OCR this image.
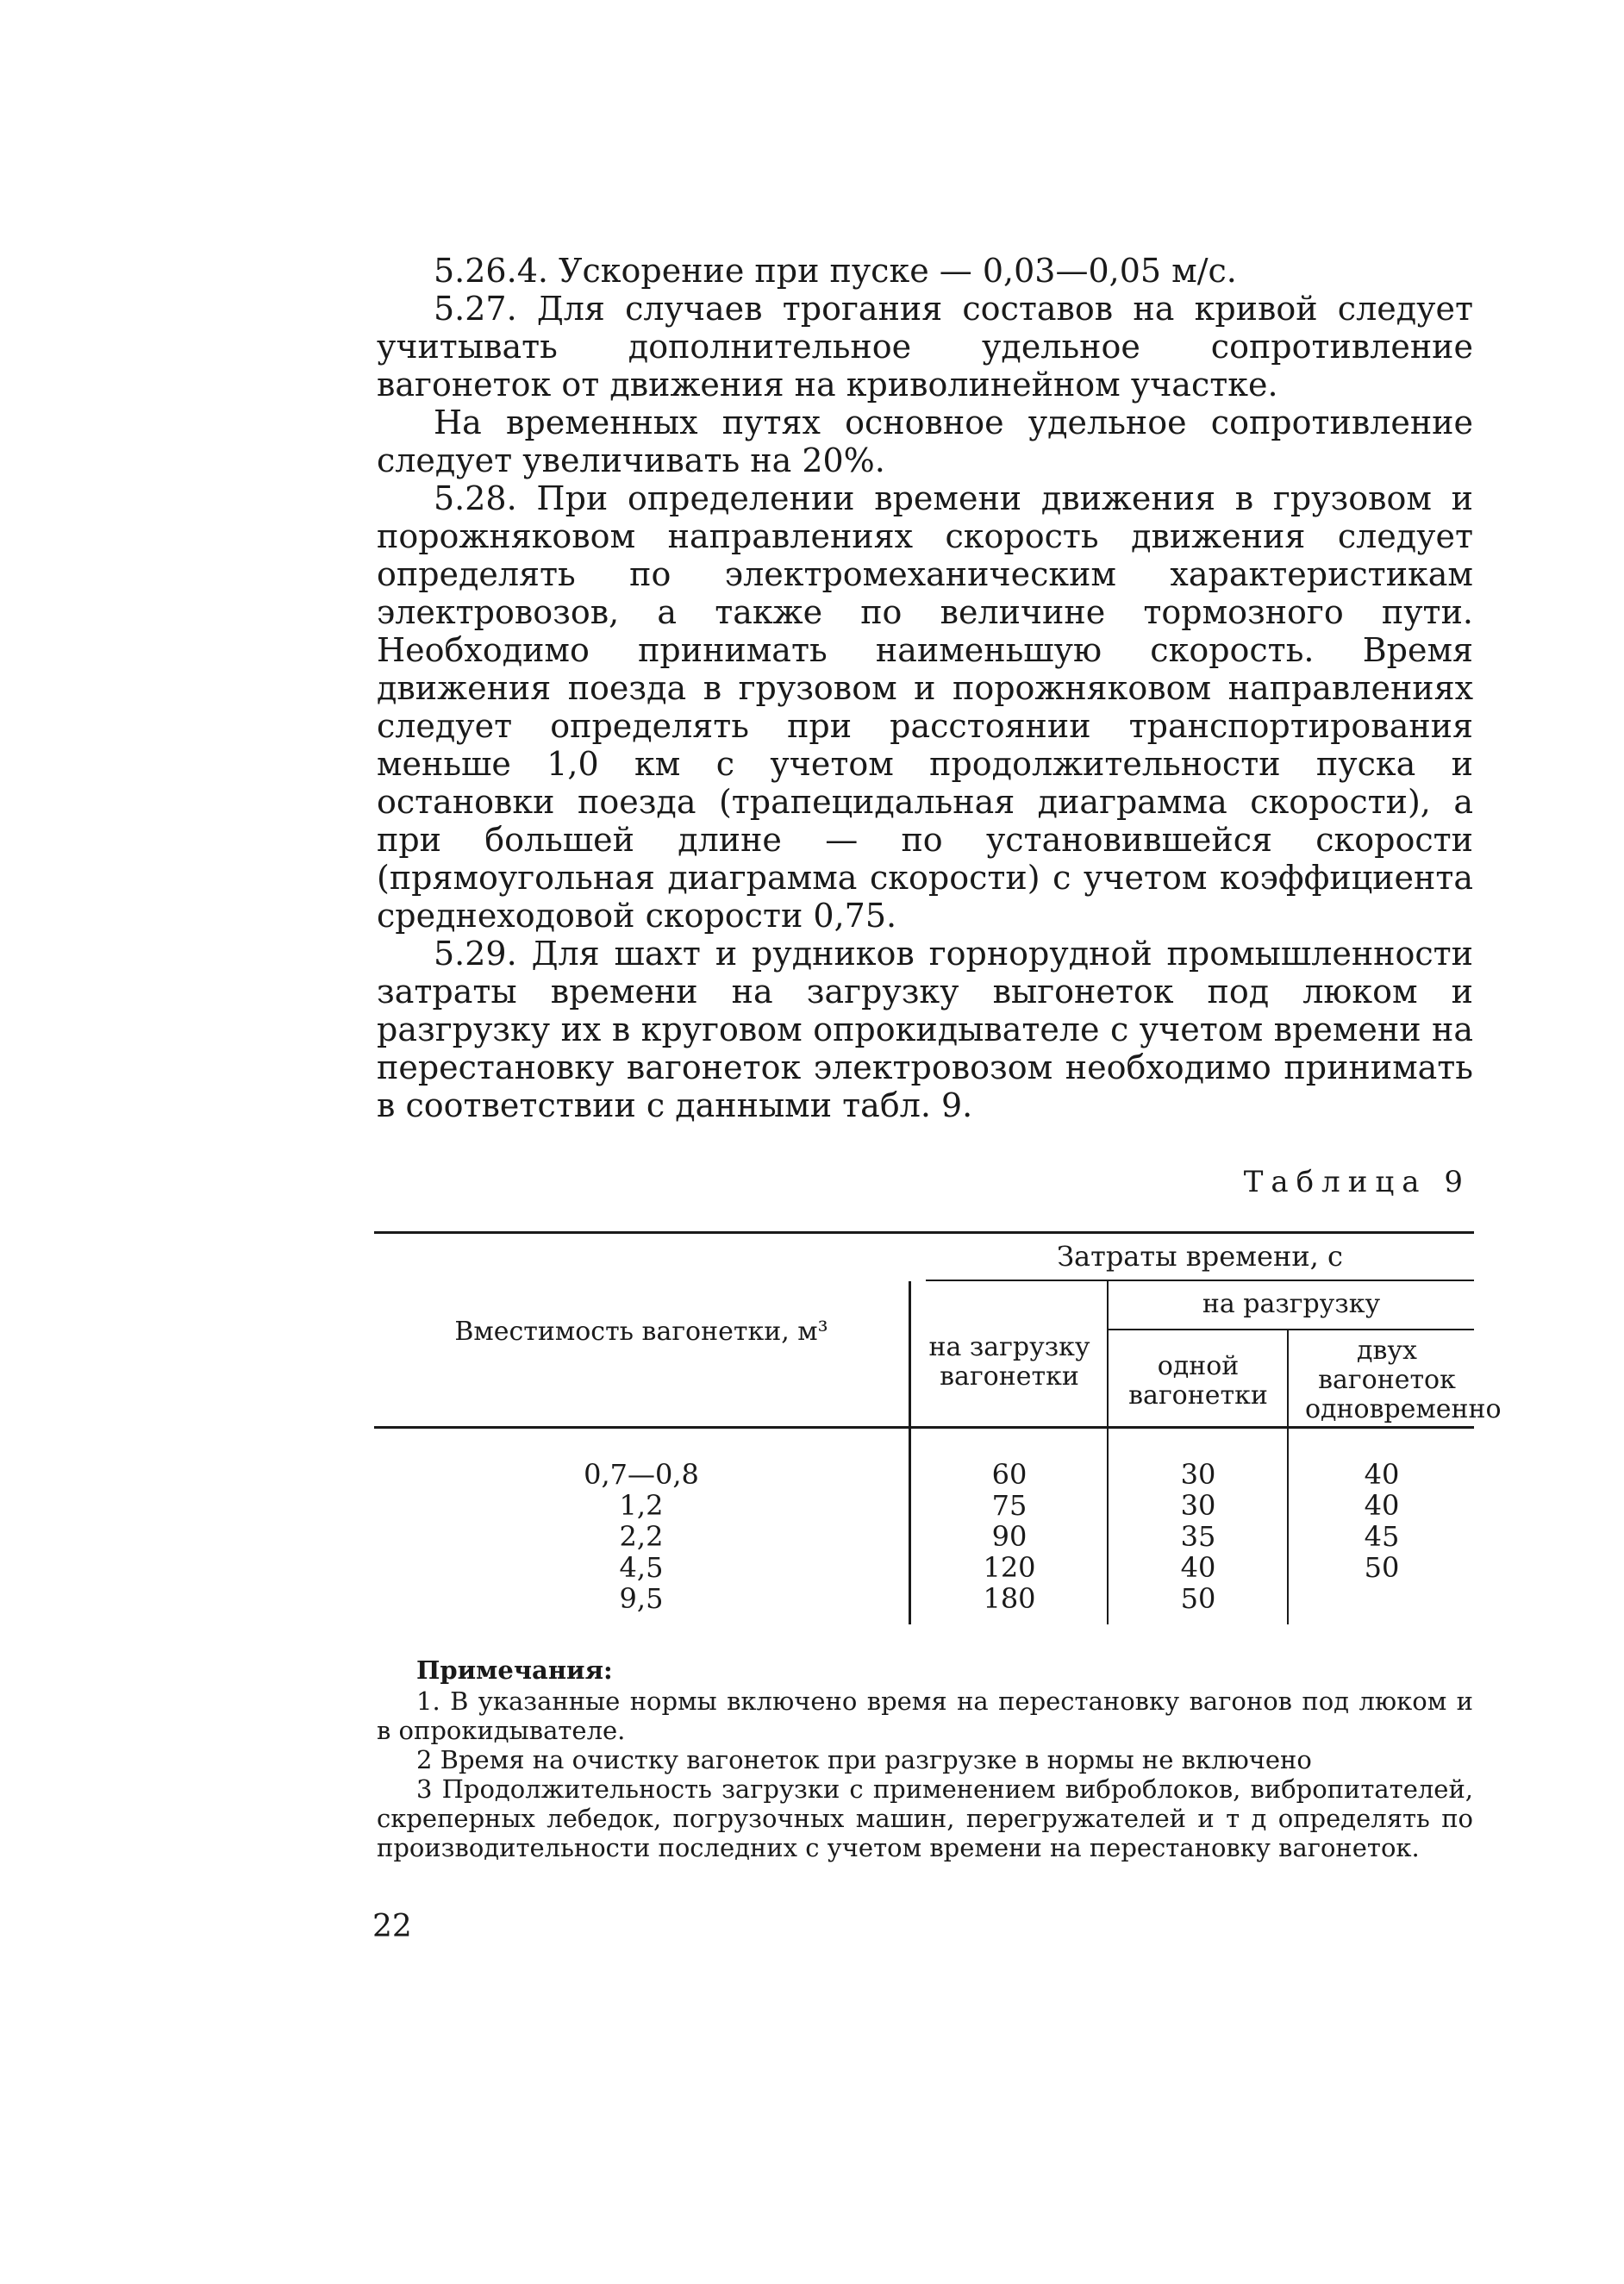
5.26.4. Ускорение при пуске — 0,03—0,05 м/с.

5.27. Для случаев трогания составов на кривой следует учитывать дополнительное удельное сопротивление вагонеток от движения на криволинейном участке.

На временных путях основное удельное сопротивление следует увеличивать на 20%.

5.28. При определении времени движения в грузовом и порожняковом направлениях скорость движения следует определять по электромеханическим характеристикам электровозов, а также по величине тормозного пути. Необходимо принимать наименьшую скорость. Время движения поезда в грузовом и порожняковом направлениях следует определять при расстоянии транспортирования меньше 1,0 км с учетом продолжительности пуска и остановки поезда (трапецидальная диаграмма скорости), а при большей длине — по установившейся скорости (прямоугольная диаграмма скорости) с учетом коэффициента среднеходовой скорости 0,75.

5.29. Для шахт и рудников горнорудной промышленности затраты времени на загрузку выгонеток под люком и разгрузку их в круговом опрокидывателе с учетом времени на перестановку вагонеток электровозом необходимо принимать в соответствии с данными табл. 9.

Таблица 9
Вместимость вагонетки, м³
Затраты времени, с
на загрузку вагонетки
на разгрузку
одной вагонетки
двух вагонеток одновременно
0,7—0,8
1,2
2,2
4,5
9,5
60
75
90
120
180
30
30
35
40
50
40
40
45
50
Примечания:

1. В указанные нормы включено время на перестановку вагонов под люком и в опрокидывателе.

2 Время на очистку вагонеток при разгрузке в нормы не включено

3 Продолжительность загрузки с применением виброблоков, вибропитателей, скреперных лебедок, погрузочных машин, перегружателей и т д определять по производительности последних с учетом времени на перестановку вагонеток.

22
